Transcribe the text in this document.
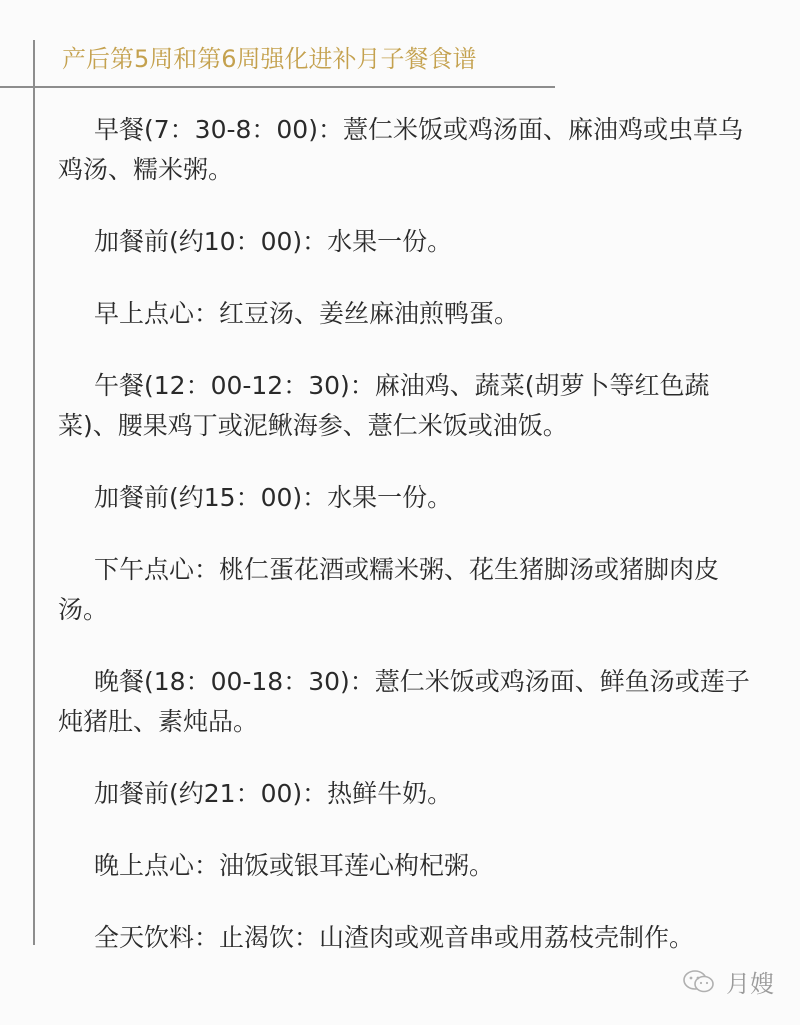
产后第5周和第6周强化进补月子餐食谱

早餐(7：30-8：00)：薏仁米饭或鸡汤面、麻油鸡或虫草乌鸡汤、糯米粥。

加餐前(约10：00)：水果一份。

早上点心：红豆汤、姜丝麻油煎鸭蛋。

午餐(12：00-12：30)：麻油鸡、蔬菜(胡萝卜等红色蔬菜)、腰果鸡丁或泥鳅海参、薏仁米饭或油饭。

加餐前(约15：00)：水果一份。

下午点心：桃仁蛋花酒或糯米粥、花生猪脚汤或猪脚肉皮汤。

晚餐(18：00-18：30)：薏仁米饭或鸡汤面、鲜鱼汤或莲子炖猪肚、素炖品。

加餐前(约21：00)：热鲜牛奶。

晚上点心：油饭或银耳莲心枸杞粥。

全天饮料：止渴饮：山渣肉或观音串或用荔枝壳制作。

月嫂
